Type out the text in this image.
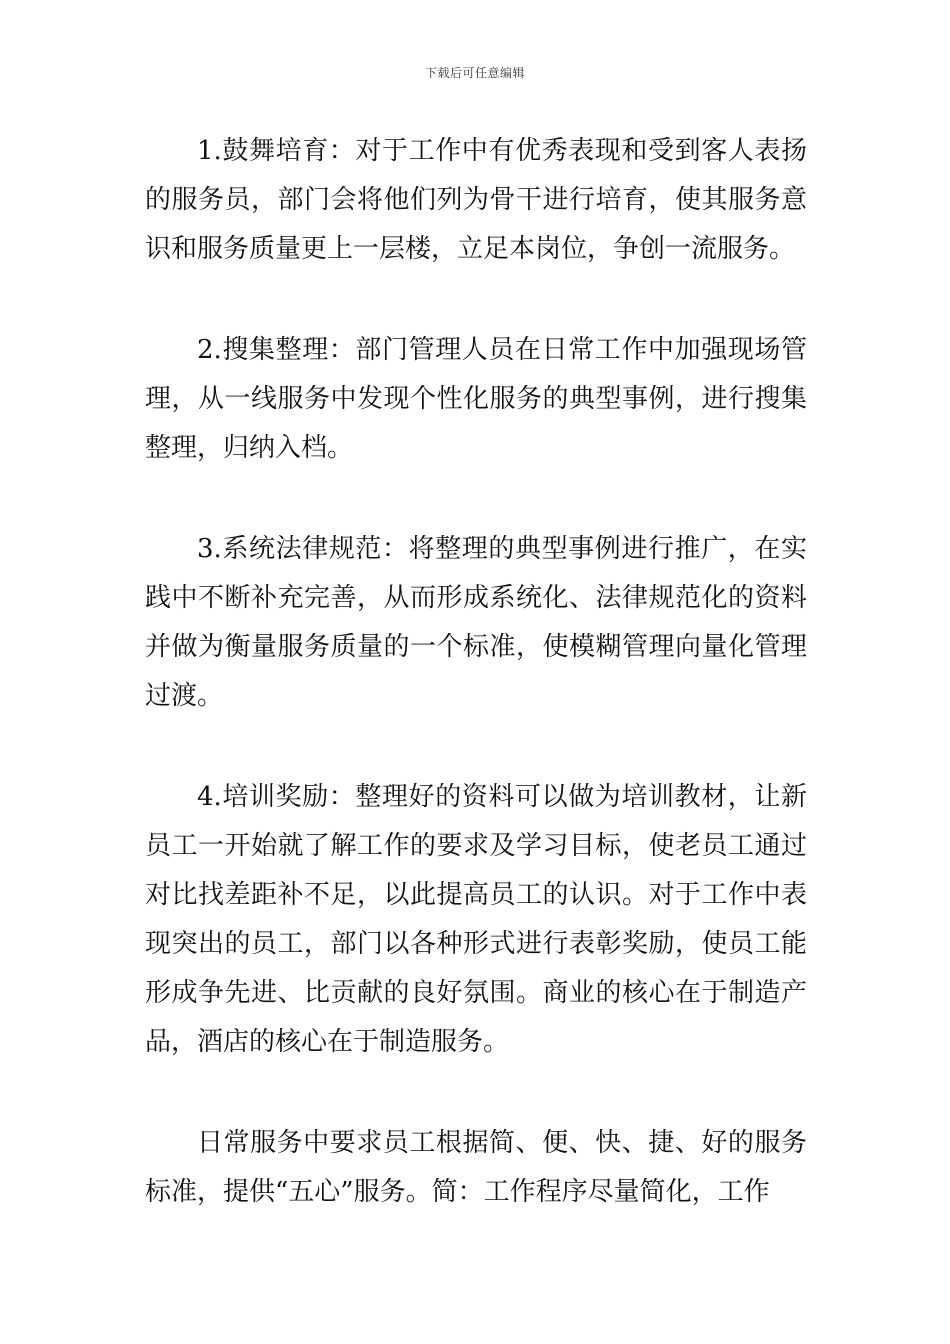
下载后可任意编辑

1.鼓舞培育：对于工作中有优秀表现和受到客人表扬的服务员，部门会将他们列为骨干进行培育，使其服务意识和服务质量更上一层楼，立足本岗位，争创一流服务。

2.搜集整理：部门管理人员在日常工作中加强现场管理，从一线服务中发现个性化服务的典型事例，进行搜集整理，归纳入档。

3.系统法律规范：将整理的典型事例进行推广，在实践中不断补充完善，从而形成系统化、法律规范化的资料并做为衡量服务质量的一个标准，使模糊管理向量化管理过渡。

4.培训奖励：整理好的资料可以做为培训教材，让新员工一开始就了解工作的要求及学习目标，使老员工通过对比找差距补不足，以此提高员工的认识。对于工作中表现突出的员工，部门以各种形式进行表彰奖励，使员工能形成争先进、比贡献的良好氛围。商业的核心在于制造产品，酒店的核心在于制造服务。

日常服务中要求员工根据简、便、快、捷、好的服务标准，提供“五心”服务。简：工作程序尽量简化，工作
